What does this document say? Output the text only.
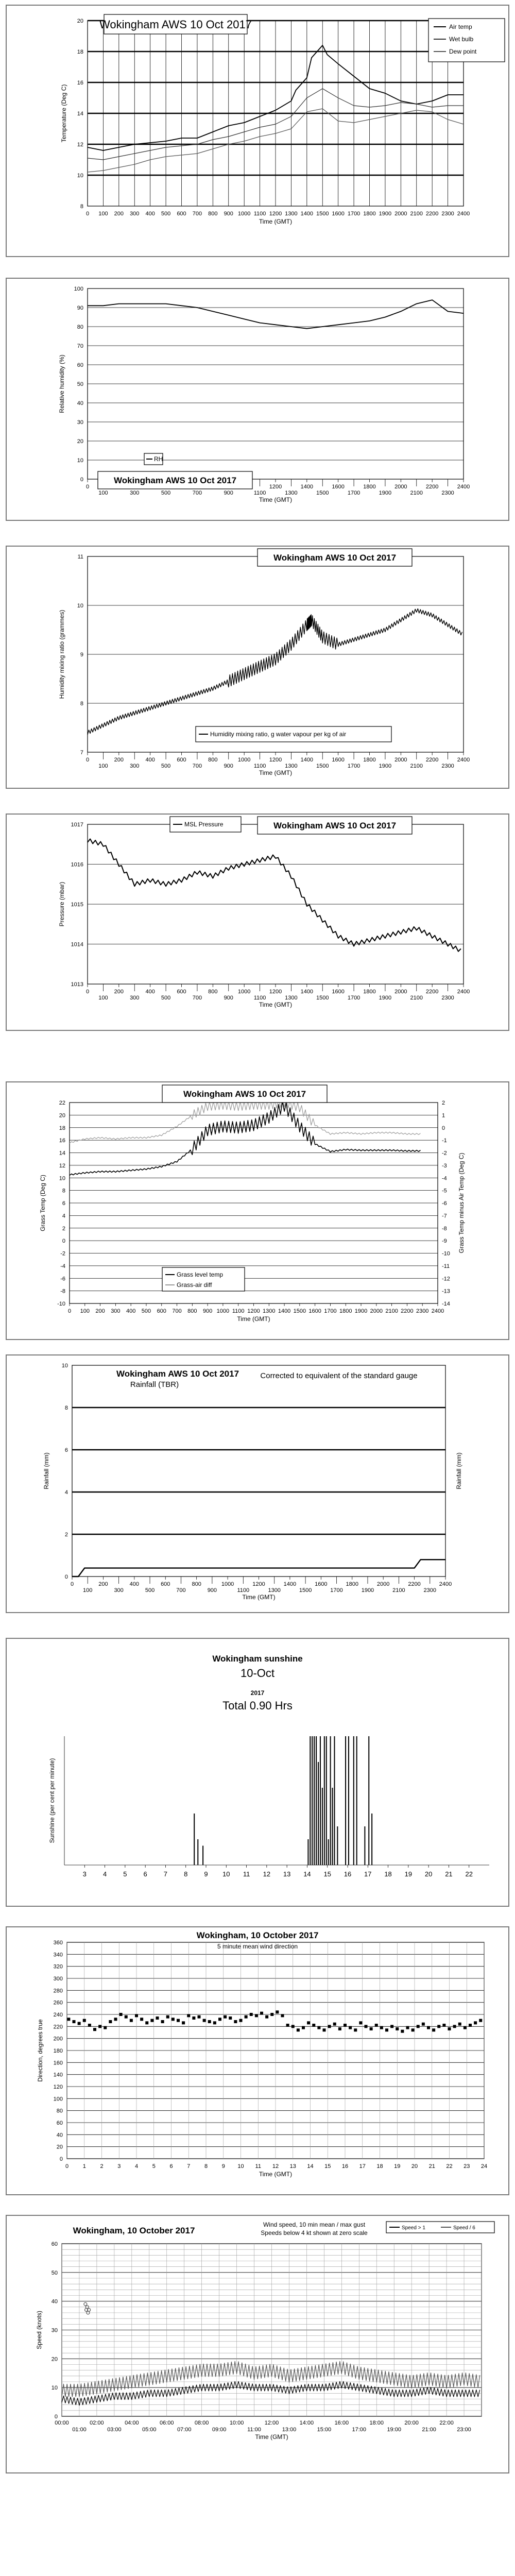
8
10
12
14
16
18
20
0 100 200 300 400 500 600 700 800 900 1000 1100 1200 1300 1400 1500 1600 1700 1800 1900 2000 2100 2200 2300 2400
Time (GMT)
Temperature (Deg C)
Wokingham AWS 10 Oct 2017	Air temp
Wet bulb
Dew point
0
10
20
30
40
50
60
70
80
90
100
0	1200	1400	1600	1800	2000	2200	2400
100	300	500	700	900	1100	1300	1500	1700	1900	2100	2300
Time (GMT)
Relative humidity (%)
RH
Wokingham AWS 10 Oct 2017
7
8
9
10
11
0	200	400	600	800	1000	1200	1400	1600	1800	2000	2200	2400
100	300	500	700	900	1100	1300	1500	1700	1900	2100	2300
Time (GMT)
Humidity mixing ratio (grammes)
Wokingham AWS 10 Oct 2017
Humidity mixing ratio, g water vapour per kg of air
1013
1014
1015
1016
1017
0	200	400	600	800	1000	1200	1400	1600	1800	2000	2200	2400
100	300	500	700	900	1100	1300	1500	1700	1900	2100	2300
Time (GMT)
Pressure (mbar)
MSL Pressure	Wokingham AWS 10 Oct 2017
-10
-8
-6
-4
-2
0
2
4
6
8
10
12
14
16
18
20
22
-14
-13
-12
-11
-10
-9
-8
-7
-6
-5
-4
-3
-2
-1
0
1
2
0 100 200 300 400 500 600 700 800 900 1000 1100 1200 1300 1400 1500 1600 1700 1800 1900 2000 2100 2200 2300 2400
Time (GMT)
Grass Temp (Deg C)	Grass Temp minus Air Temp (Deg C)
Wokingham AWS 10 Oct 2017
Grass level temp
Grass-air diff
0
2
4
6
8
10
0	200	400	600	800	1000	1200	1400	1600	1800	2000	2200	2400
100	300	500	700	900	1100	1300	1500	1700	1900	2100	2300
Time (GMT)
Rainfall (mm)	Rainfall (mm)
Wokingham AWS 10 Oct 2017
Rainfall (TBR)
Corrected to equivalent of the standard gauge
3 4 5 6 7 8 9 10 11 12 13 14 15 16 17 18 19 20 21 22
Sunshine (per cent per minute)
Wokingham sunshine
10-Oct
2017
Total 0.90 Hrs
0
20
40
60
80
100
120
140
160
180
200
220
240
260
280
300
320
340
360
0	1	2	3	4	5	6	7	8	9 10 11 12 13 14 15 16 17 18 19 20 21 22 23 24
Time (GMT)
Direction, degrees true
Wokingham, 10 October 2017
5 minute mean wind direction
0
10
20
30
40
50
60
00:00	02:00	04:00	06:00	08:00	10:00	12:00	14:00	16:00	18:00	20:00	22:00
01:00	03:00	05:00	07:00	09:00	11:00	13:00	15:00	17:00	19:00	21:00	23:00
Time (GMT)
Speed (knots)
Wokingham, 10 October 2017
Wind speed, 10 min mean / max gust
Speeds below 4 kt shown at zero scale
Speed > 1	Speed / 6
